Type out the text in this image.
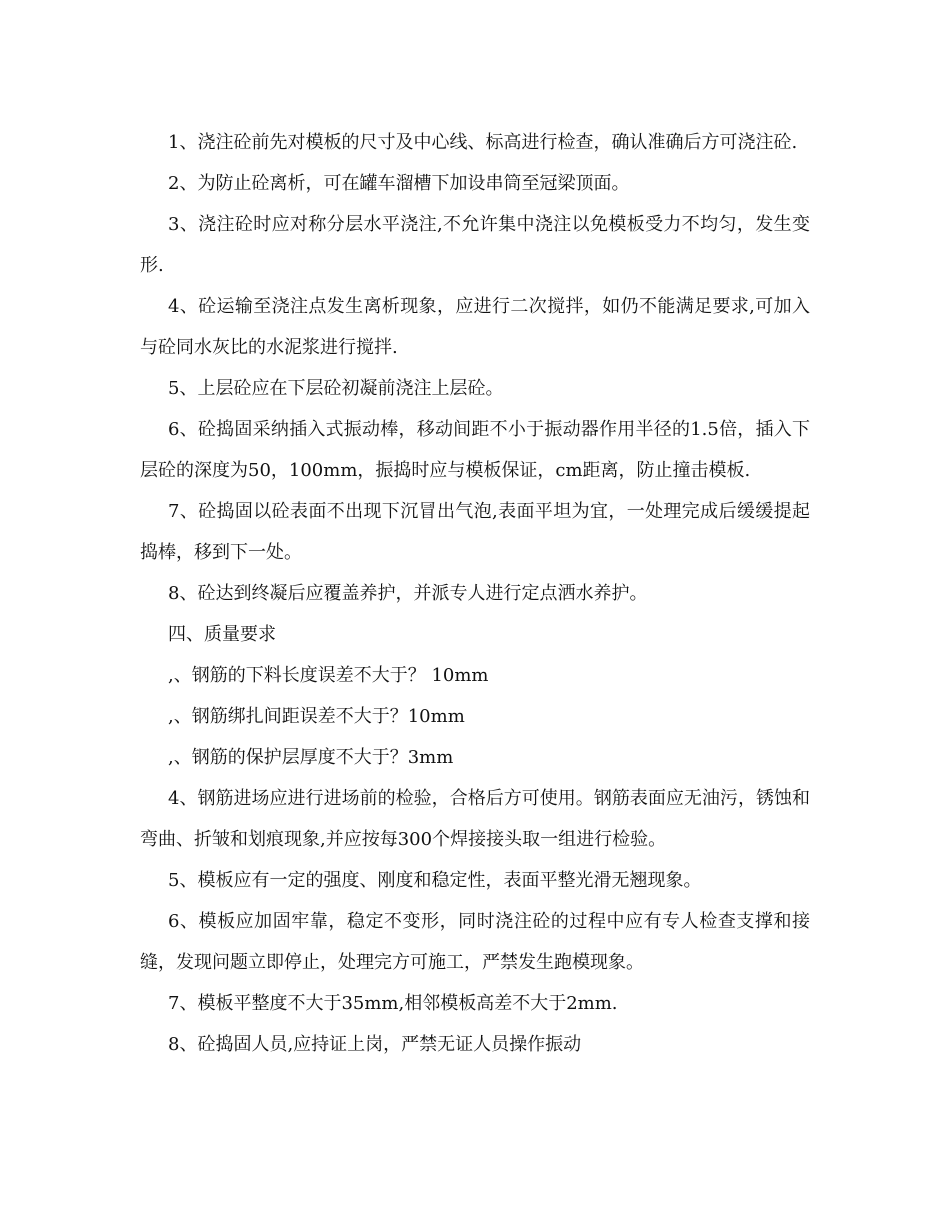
1、浇注砼前先对模板的尺寸及中心线、标高进行检查，确认准确后方可浇注砼.

2、为防止砼离析，可在罐车溜槽下加设串筒至冠梁顶面。

3、浇注砼时应对称分层水平浇注,不允许集中浇注以免模板受力不均匀，发生变形.

4、砼运输至浇注点发生离析现象，应进行二次搅拌，如仍不能满足要求,可加入与砼同水灰比的水泥浆进行搅拌.

5、上层砼应在下层砼初凝前浇注上层砼。

6、砼捣固采纳插入式振动棒，移动间距不小于振动器作用半径的1.5倍，插入下层砼的深度为50，100mm，振捣时应与模板保证，cm距离，防止撞击模板.

7、砼捣固以砼表面不出现下沉冒出气泡,表面平坦为宜，一处理完成后缓缓提起捣棒，移到下一处。

8、砼达到终凝后应覆盖养护，并派专人进行定点洒水养护。

四、质量要求

,、钢筋的下料长度误差不大于？ 10mm

,、钢筋绑扎间距误差不大于？10mm

,、钢筋的保护层厚度不大于？3mm

4、钢筋进场应进行进场前的检验，合格后方可使用。钢筋表面应无油污，锈蚀和弯曲、折皱和划痕现象,并应按每300个焊接接头取一组进行检验。

5、模板应有一定的强度、刚度和稳定性，表面平整光滑无翘现象。

6、模板应加固牢靠，稳定不变形，同时浇注砼的过程中应有专人检查支撑和接缝，发现问题立即停止，处理完方可施工，严禁发生跑模现象。

7、模板平整度不大于35mm,相邻模板高差不大于2mm.

8、砼捣固人员,应持证上岗，严禁无证人员操作振动
